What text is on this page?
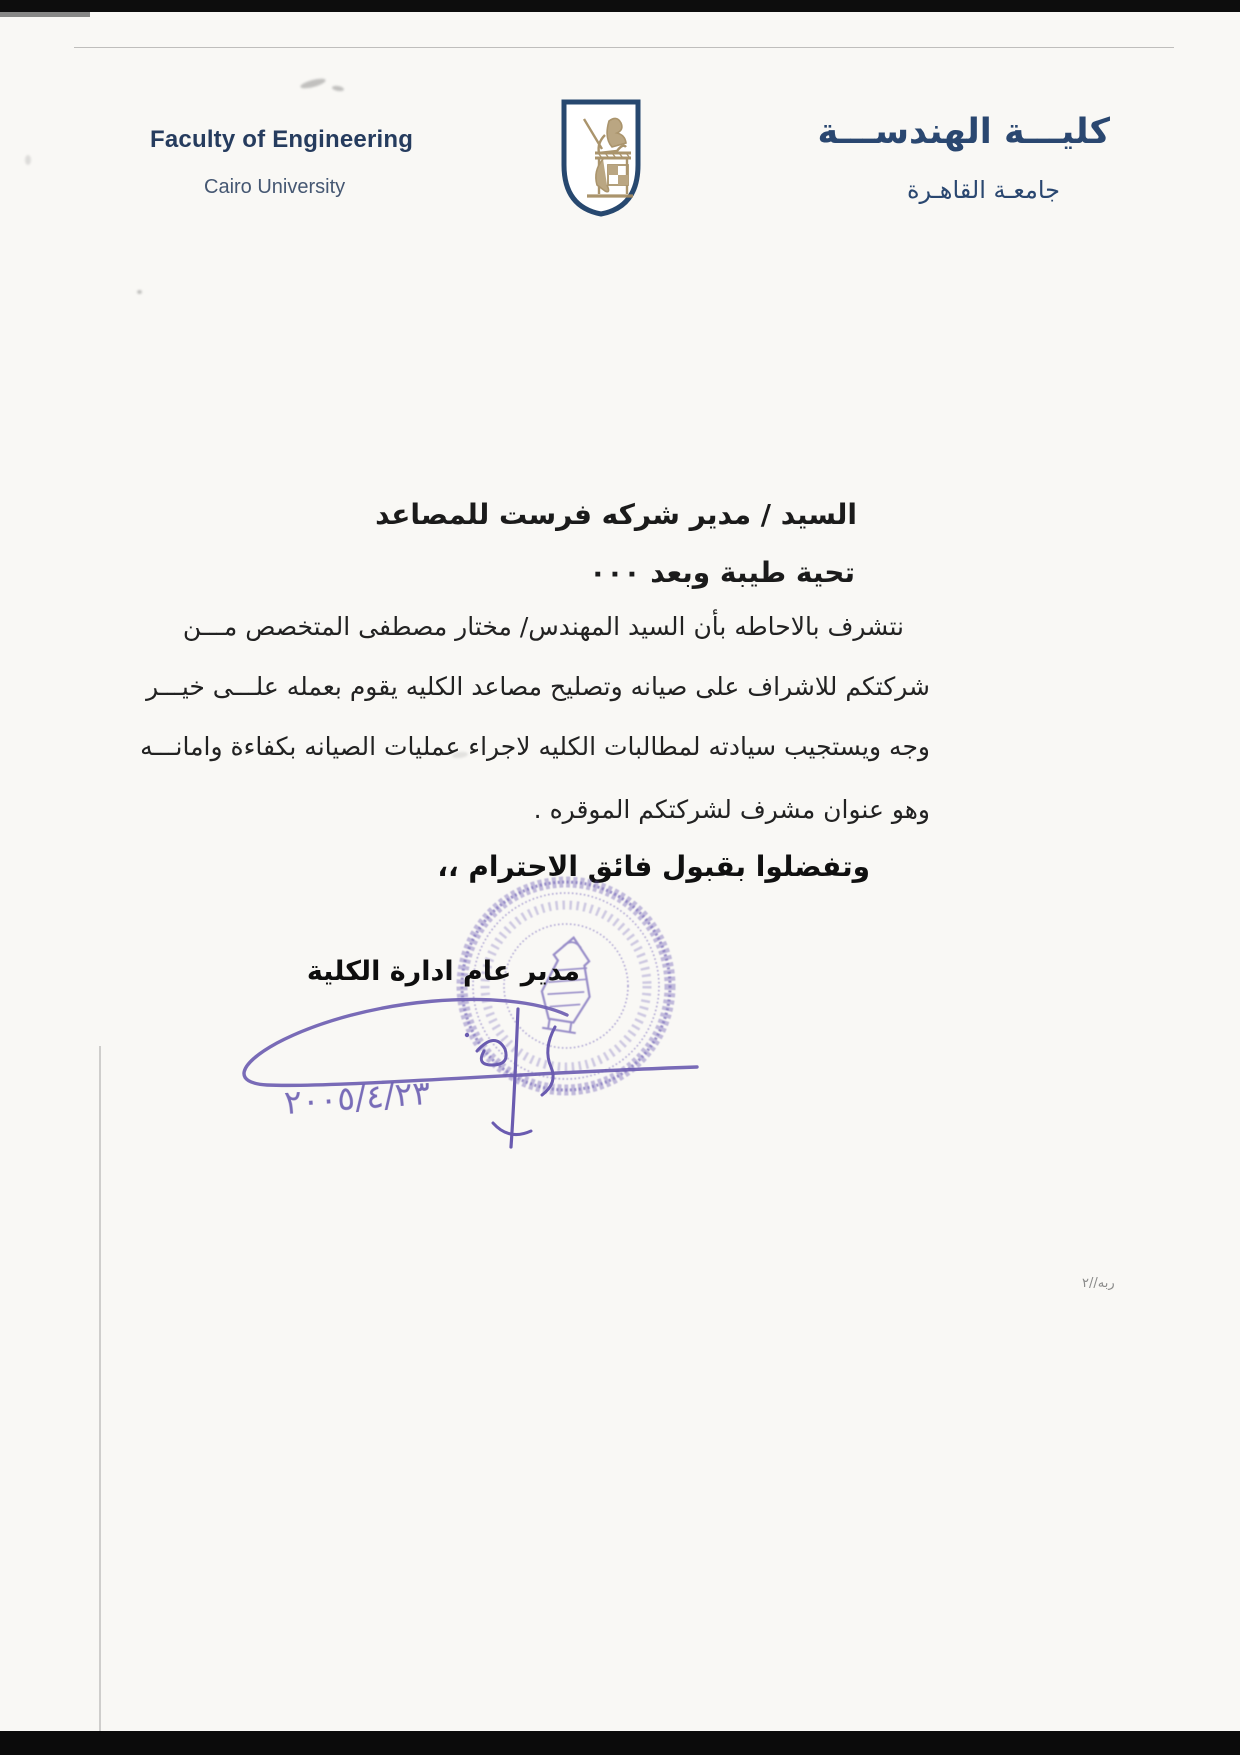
Faculty of Engineering
Cairo University
كليـــة الهندســـة
جامعـة القاهـرة
السيد / مدير شركه فرست للمصاعد
تحية طيبة وبعد ٠٠٠
نتشرف بالاحاطه بأن السيد المهندس/ مختار مصطفى المتخصص مـــن
شركتكم للاشراف على صيانه وتصليح مصاعد الكليه يقوم بعمله علـــى خيـــر
وجه ويستجيب سيادته لمطالبات الكليه لاجراء عمليات الصيانه بكفاءة وامانـــه
وهو عنوان مشرف لشركتكم الموقره .
وتفضلوا بقبول فائق الاحترام ،،
مدير عام ادارة الكلية
٢٠٠٥/٤/٢٣
ربه//٢
